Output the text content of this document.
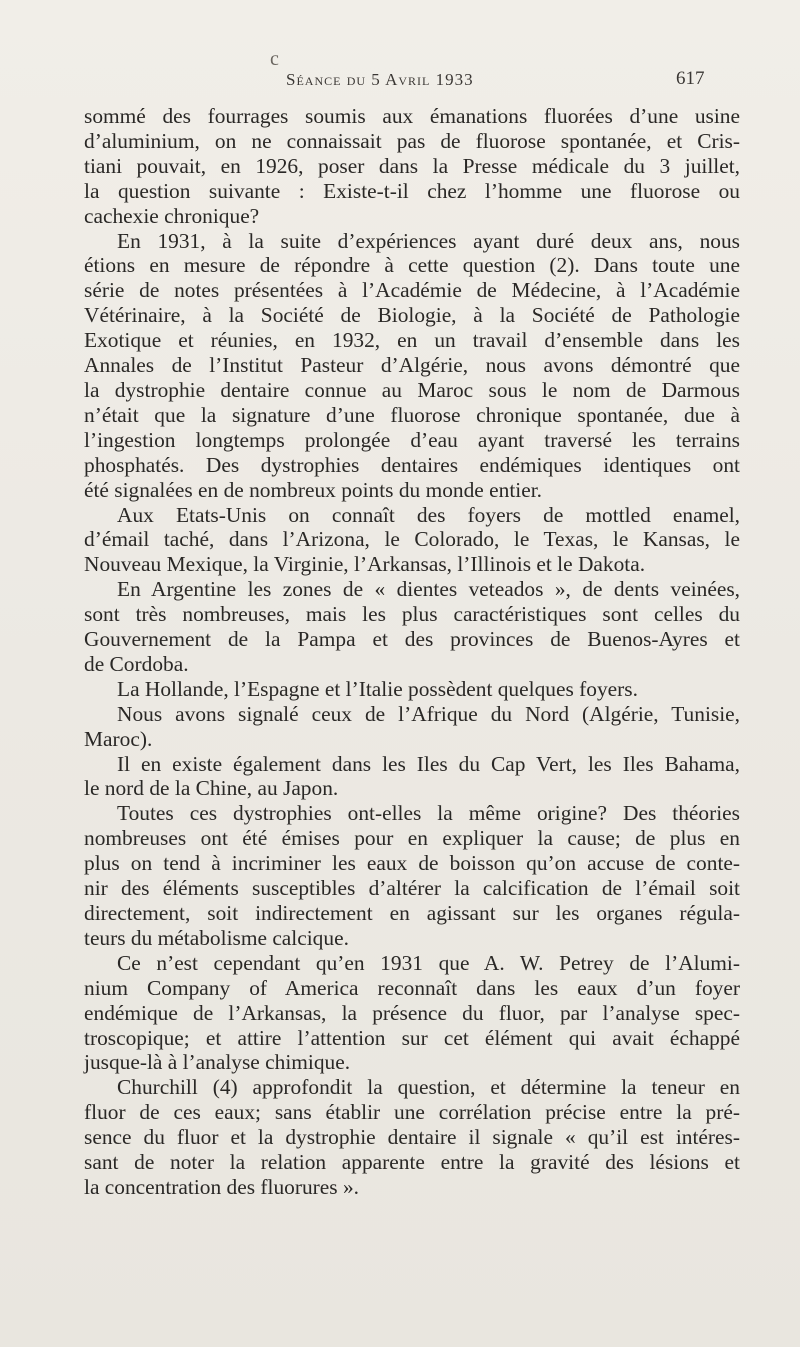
c
Séance du 5 Avril 1933	617

sommé des fourrages soumis aux émanations fluorées d’une usine
d’aluminium, on ne connaissait pas de fluorose spontanée, et Cris-
tiani pouvait, en 1926, poser dans la Presse médicale du 3 juillet,
la question suivante : Existe-t-il chez l’homme une fluorose ou
cachexie chronique?

En 1931, à la suite d’expériences ayant duré deux ans, nous
étions en mesure de répondre à cette question (2). Dans toute une
série de notes présentées à l’Académie de Médecine, à l’Académie
Vétérinaire, à la Société de Biologie, à la Société de Pathologie
Exotique et réunies, en 1932, en un travail d’ensemble dans les
Annales de l’Institut Pasteur d’Algérie, nous avons démontré que
la dystrophie dentaire connue au Maroc sous le nom de Darmous
n’était que la signature d’une fluorose chronique spontanée, due à
l’ingestion longtemps prolongée d’eau ayant traversé les terrains
phosphatés. Des dystrophies dentaires endémiques identiques ont
été signalées en de nombreux points du monde entier.

Aux Etats-Unis on connaît des foyers de mottled enamel,
d’émail taché, dans l’Arizona, le Colorado, le Texas, le Kansas, le
Nouveau Mexique, la Virginie, l’Arkansas, l’Illinois et le Dakota.

En Argentine les zones de « dientes veteados », de dents veinées,
sont très nombreuses, mais les plus caractéristiques sont celles du
Gouvernement de la Pampa et des provinces de Buenos-Ayres et
de Cordoba.

La Hollande, l’Espagne et l’Italie possèdent quelques foyers.

Nous avons signalé ceux de l’Afrique du Nord (Algérie, Tunisie,
Maroc).

Il en existe également dans les Iles du Cap Vert, les Iles Bahama,
le nord de la Chine, au Japon.

Toutes ces dystrophies ont-elles la même origine? Des théories
nombreuses ont été émises pour en expliquer la cause; de plus en
plus on tend à incriminer les eaux de boisson qu’on accuse de conte-
nir des éléments susceptibles d’altérer la calcification de l’émail soit
directement, soit indirectement en agissant sur les organes régula-
teurs du métabolisme calcique.

Ce n’est cependant qu’en 1931 que A. W. Petrey de l’Alumi-
nium Company of America reconnaît dans les eaux d’un foyer
endémique de l’Arkansas, la présence du fluor, par l’analyse spec-
troscopique; et attire l’attention sur cet élément qui avait échappé
jusque-là à l’analyse chimique.

Churchill (4) approfondit la question, et détermine la teneur en
fluor de ces eaux; sans établir une corrélation précise entre la pré-
sence du fluor et la dystrophie dentaire il signale « qu’il est intéres-
sant de noter la relation apparente entre la gravité des lésions et
la concentration des fluorures ».
